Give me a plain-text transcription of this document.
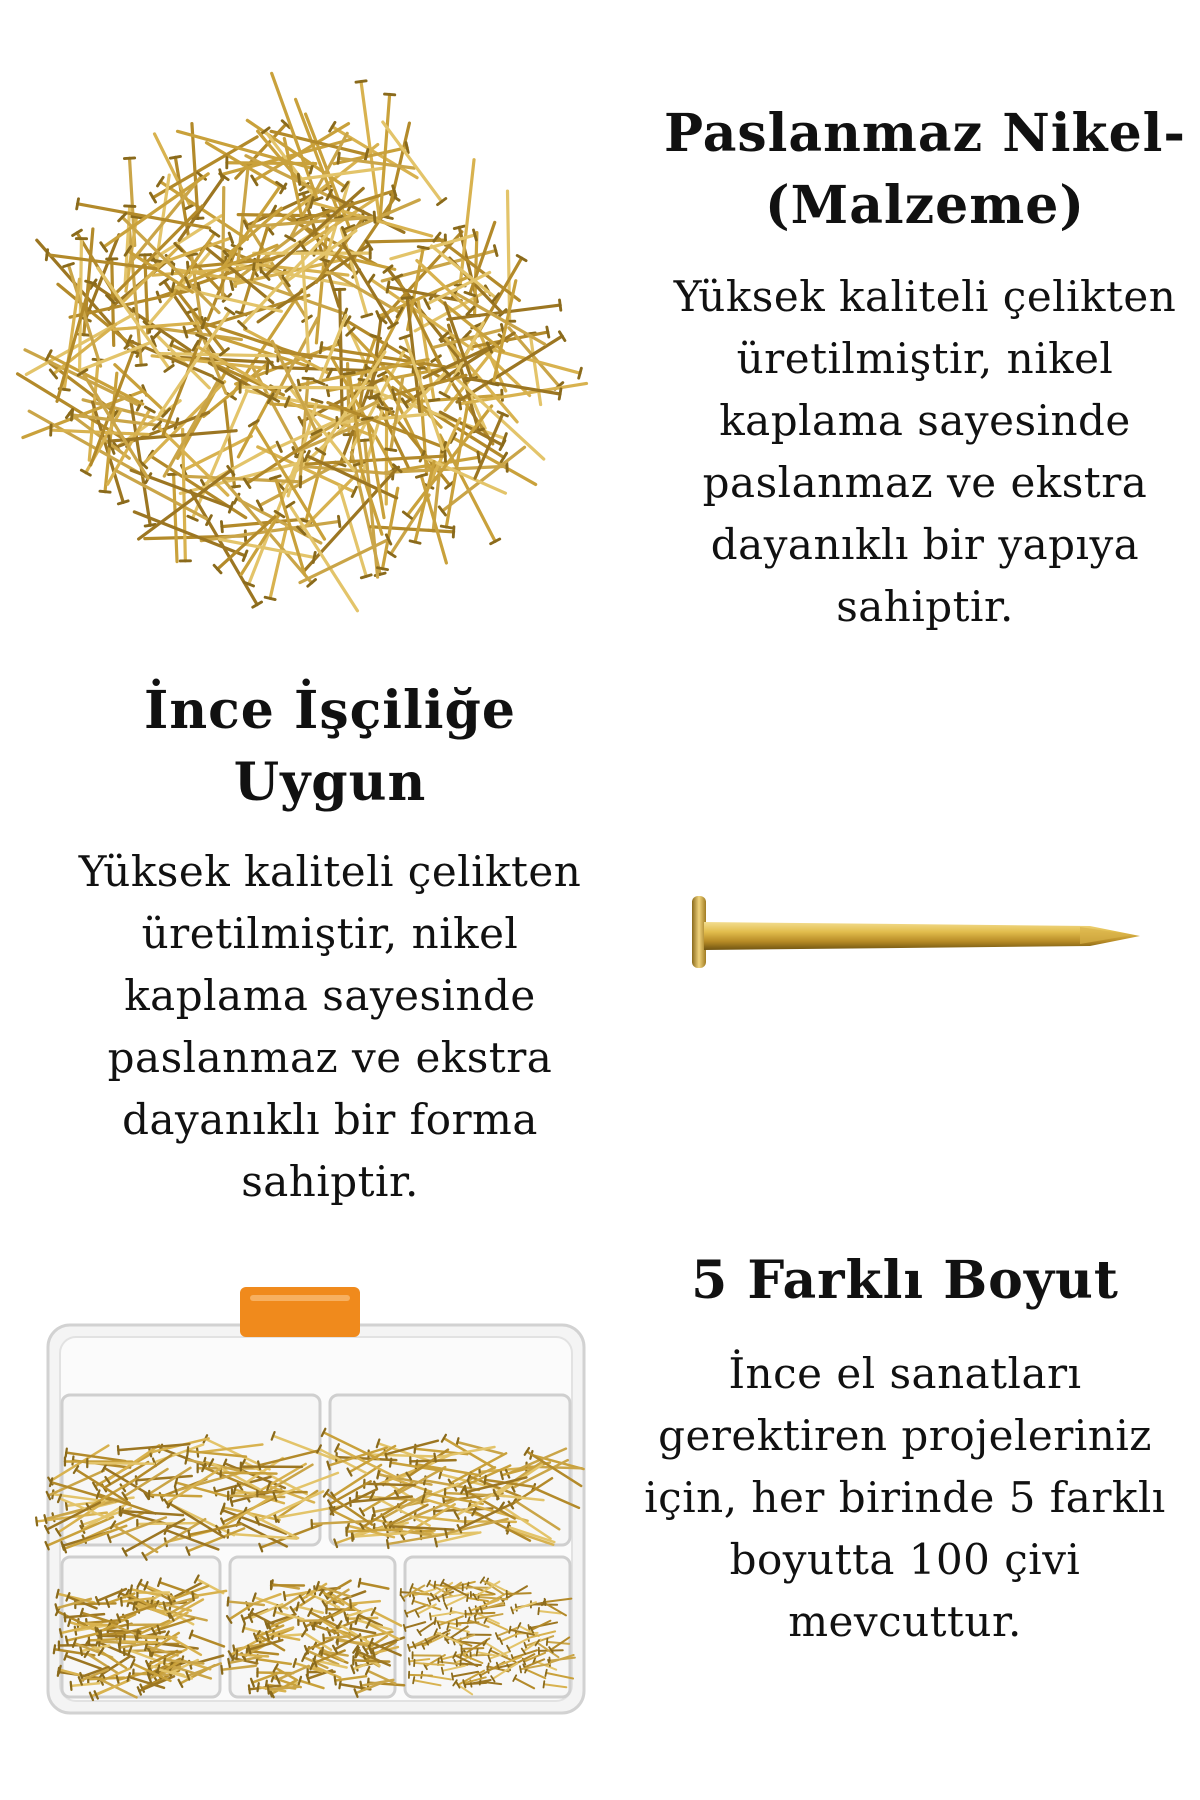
Paslanmaz Nikel-
(Malzeme)

Yüksek kaliteli çelikten
üretilmiştir, nikel
kaplama sayesinde
paslanmaz ve ekstra
dayanıklı bir yapıya
sahiptir.

İnce İşçiliğe
Uygun

Yüksek kaliteli çelikten
üretilmiştir, nikel
kaplama sayesinde
paslanmaz ve ekstra
dayanıklı bir forma
sahiptir.

5 Farklı Boyut

İnce el sanatları
gerektiren projeleriniz
için, her birinde 5 farklı
boyutta 100 çivi
mevcuttur.
